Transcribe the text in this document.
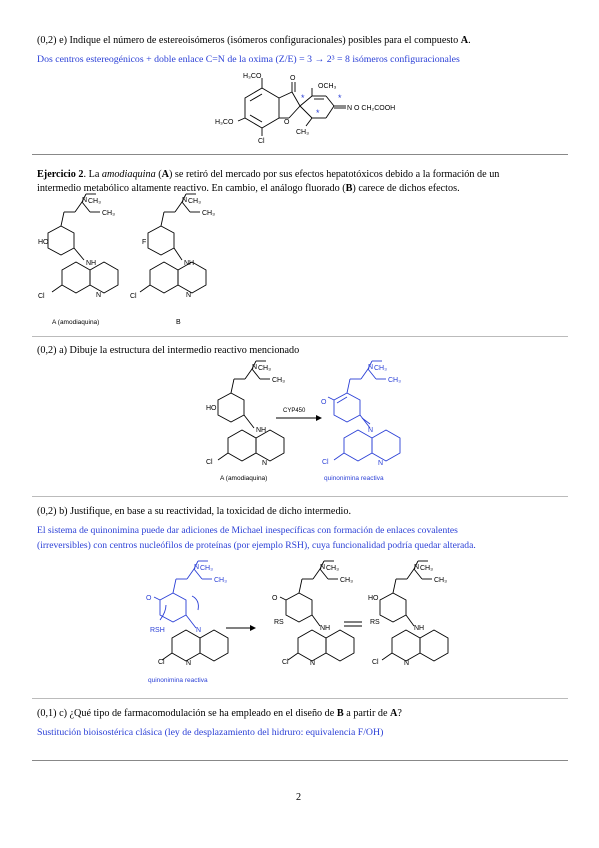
(0,2) e) Indique el número de estereoisómeros (isómeros configuracionales) posibles para el compuesto A.
Dos centros estereogénicos + doble enlace C=N de la oxima (Z/E) = 3 → 2³ = 8 isómeros configuracionales
H₃CO
OCH₃
H₃CO
Cl
O
O
CH₃
N O CH₂COOH
*
*
*
Ejercicio 2. La amodiaquina (A) se retiró del mercado por sus efectos hepatotóxicos debido a la formación de un
intermedio metabólico altamente reactivo. En cambio, el análogo fluorado (B) carece de dichos efectos.
HO
N CH₃
CH₃
NH
N
Cl
F
N CH₃
CH₃
NH
N
Cl
A (amodiaquina)	B
(0,2) a) Dibuje la estructura del intermedio reactivo mencionado
HO
N CH₃
CH₃
NH
N
Cl
CYP450
A (amodiaquina)
O
N CH₃
CH₃
N
N
Cl
quinonimina reactiva
(0,2) b) Justifique, en base a su reactividad, la toxicidad de dicho intermedio.
El sistema de quinonimina puede dar adiciones de Michael inespecíficas con formación de enlaces covalentes
(irreversibles) con centros nucleófilos de proteínas (por ejemplo RSH), cuya funcionalidad podría quedar alterada.
O
RSH
N CH₃
CH₃
N
quinonimina reactiva
Cl	N
O
RS
N CH₃
CH₃
NH
N
Cl
HO
RS
N CH₃
CH₃
NH
N
Cl
(0,1) c) ¿Qué tipo de farmacomodulación se ha empleado en el diseño de B a partir de A?
Sustitución bioisostérica clásica (ley de desplazamiento del hidruro: equivalencia F/OH)
2
